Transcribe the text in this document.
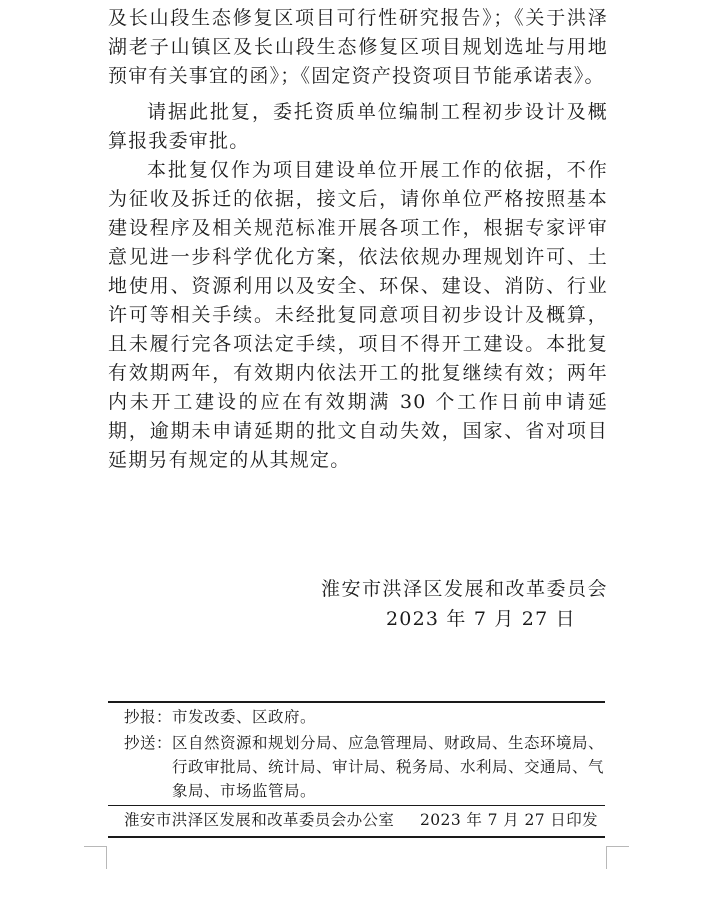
及长山段生态修复区项目可行性研究报告》；《关于洪泽湖老子山镇区及长山段生态修复区项目规划选址与用地预审有关事宜的函》；《固定资产投资项目节能承诺表》。

请据此批复，委托资质单位编制工程初步设计及概算报我委审批。

本批复仅作为项目建设单位开展工作的依据，不作为征收及拆迁的依据，接文后，请你单位严格按照基本建设程序及相关规范标准开展各项工作，根据专家评审意见进一步科学优化方案，依法依规办理规划许可、土地使用、资源利用以及安全、环保、建设、消防、行业许可等相关手续。未经批复同意项目初步设计及概算，且未履行完各项法定手续，项目不得开工建设。本批复有效期两年，有效期内依法开工的批复继续有效；两年内未开工建设的应在有效期满 30 个工作日前申请延期，逾期未申请延期的批文自动失效，国家、省对项目延期另有规定的从其规定。

淮安市洪泽区发展和改革委员会
2023 年 7 月 27 日
抄报： 市发改委、区政府。
抄送： 区自然资源和规划分局、应急管理局、财政局、生态环境局、行政审批局、统计局、审计局、税务局、水利局、交通局、气象局、市场监管局。
淮安市洪泽区发展和改革委员会办公室 2023 年 7 月 27 日印发
